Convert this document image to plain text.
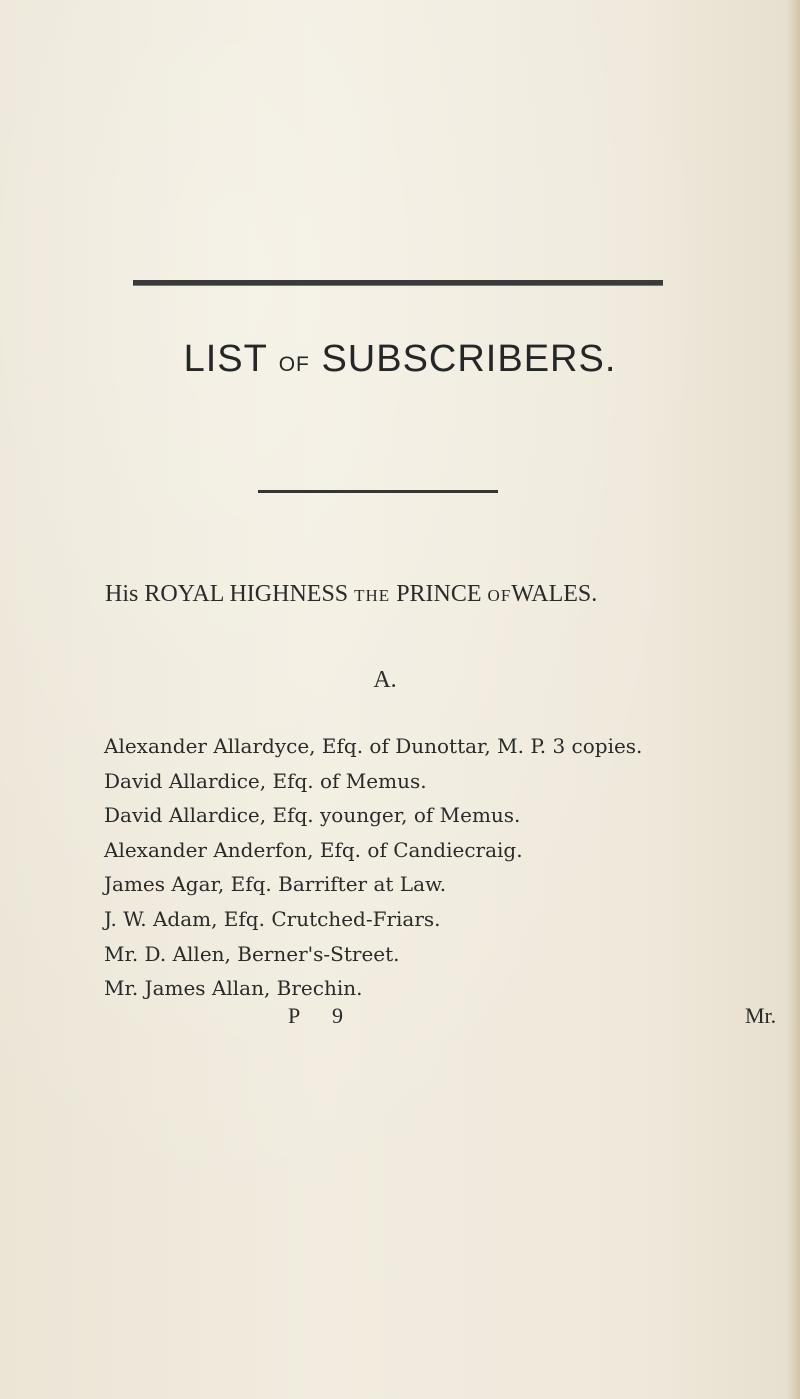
LIST OF SUBSCRIBERS.
His ROYAL HIGHNESS THE PRINCE OFWALES.
A.
Alexander Allardyce, Efq. of Dunottar, M. P. 3 copies.
David Allardice, Efq. of Memus.
David Allardice, Efq. younger, of Memus.
Alexander Anderfon, Efq. of Candiecraig.
James Agar, Efq. Barrifter at Law.
J. W. Adam, Efq. Crutched-Friars.
Mr. D. Allen, Berner's-Street.
Mr. James Allan, Brechin.
P 9	Mr.
